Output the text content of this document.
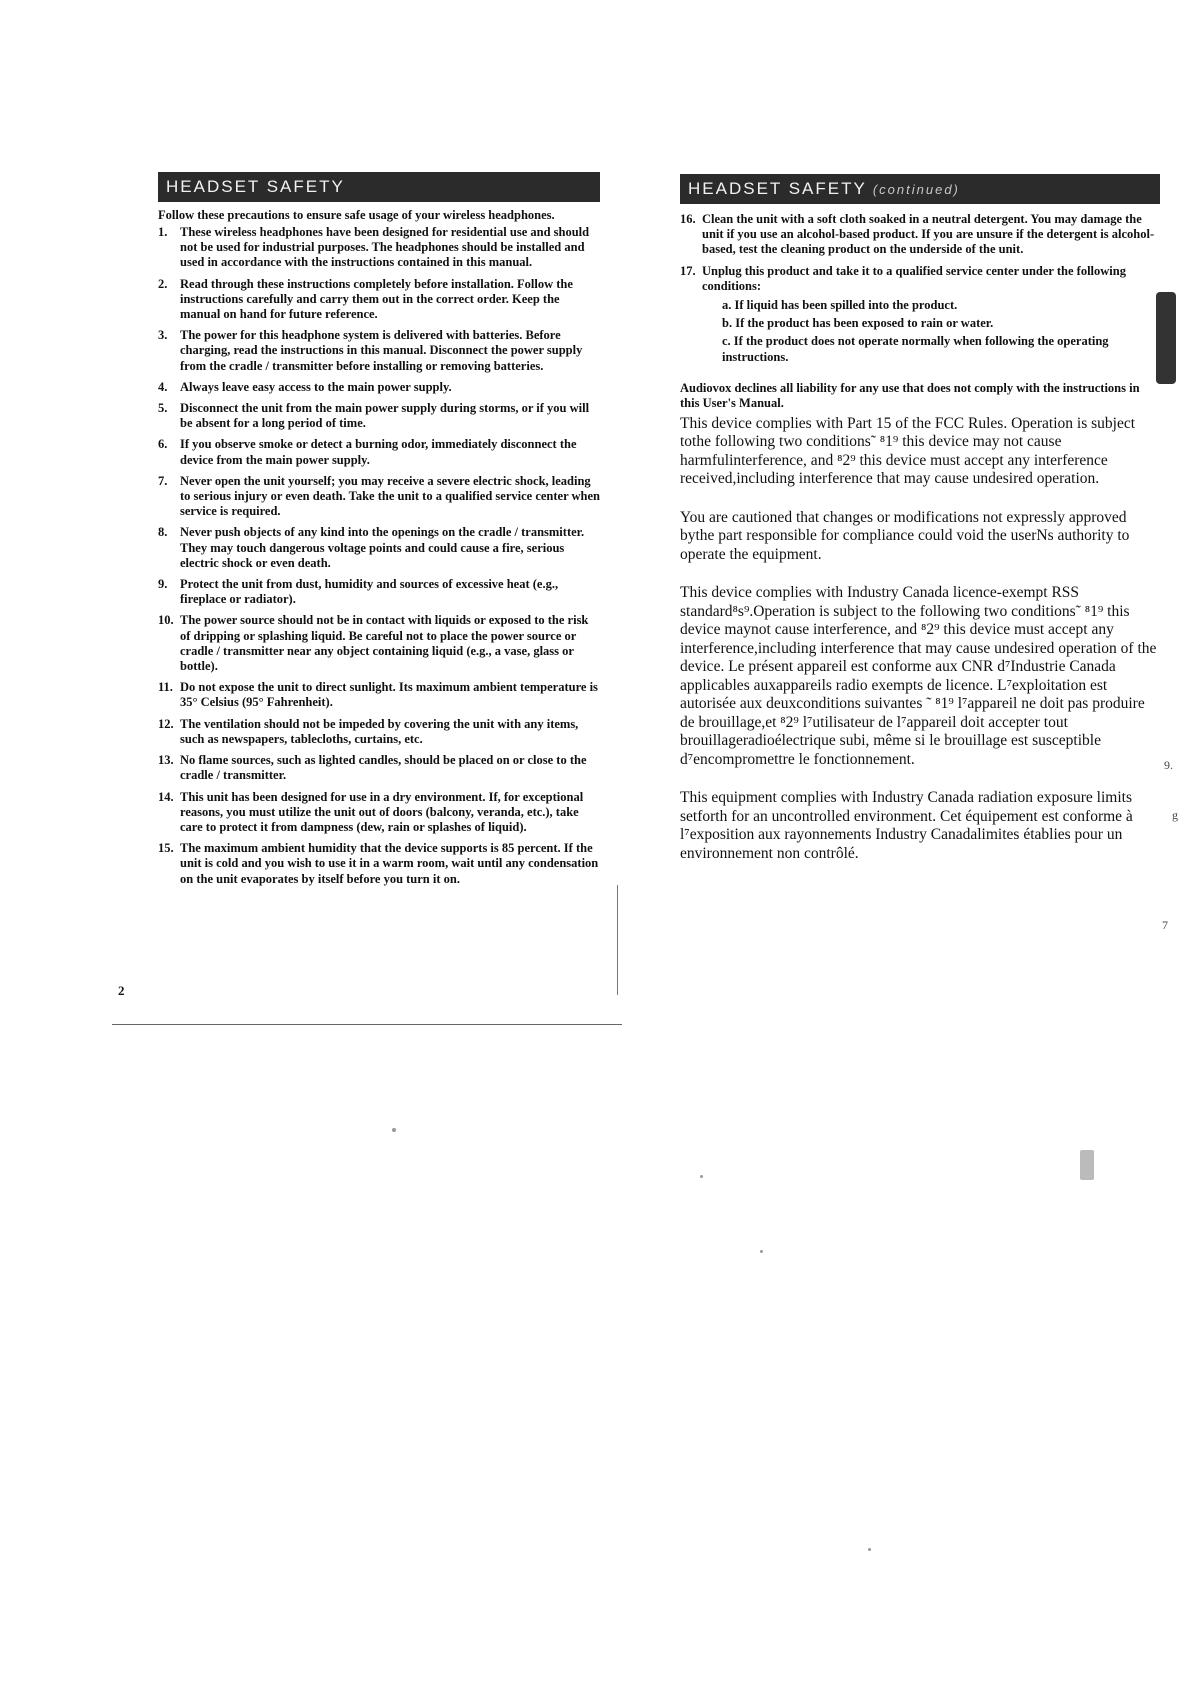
HEADSET SAFETY

Follow these precautions to ensure safe usage of your wireless headphones.

1. These wireless headphones have been designed for residential use and should not be used for industrial purposes. The headphones should be installed and used in accordance with the instructions contained in this manual.
2. Read through these instructions completely before installation. Follow the instructions carefully and carry them out in the correct order. Keep the manual on hand for future reference.
3. The power for this headphone system is delivered with batteries. Before charging, read the instructions in this manual. Disconnect the power supply from the cradle / transmitter before installing or removing batteries.
4. Always leave easy access to the main power supply.
5. Disconnect the unit from the main power supply during storms, or if you will be absent for a long period of time.
6. If you observe smoke or detect a burning odor, immediately disconnect the device from the main power supply.
7. Never open the unit yourself; you may receive a severe electric shock, leading to serious injury or even death. Take the unit to a qualified service center when service is required.
8. Never push objects of any kind into the openings on the cradle / transmitter. They may touch dangerous voltage points and could cause a fire, serious electric shock or even death.
9. Protect the unit from dust, humidity and sources of excessive heat (e.g., fireplace or radiator).
10. The power source should not be in contact with liquids or exposed to the risk of dripping or splashing liquid. Be careful not to place the power source or cradle / transmitter near any object containing liquid (e.g., a vase, glass or bottle).
11. Do not expose the unit to direct sunlight. Its maximum ambient temperature is 35° Celsius (95° Fahrenheit).
12. The ventilation should not be impeded by covering the unit with any items, such as newspapers, tablecloths, curtains, etc.
13. No flame sources, such as lighted candles, should be placed on or close to the cradle / transmitter.
14. This unit has been designed for use in a dry environment. If, for exceptional reasons, you must utilize the unit out of doors (balcony, veranda, etc.), take care to protect it from dampness (dew, rain or splashes of liquid).
15. The maximum ambient humidity that the device supports is 85 percent. If the unit is cold and you wish to use it in a warm room, wait until any condensation on the unit evaporates by itself before you turn it on.
2
HEADSET SAFETY (continued)
16. Clean the unit with a soft cloth soaked in a neutral detergent. You may damage the unit if you use an alcohol-based product. If you are unsure if the detergent is alcohol-based, test the cleaning product on the underside of the unit.
17. Unplug this product and take it to a qualified service center under the following conditions:
a. If liquid has been spilled into the product.
b. If the product has been exposed to rain or water.
c. If the product does not operate normally when following the operating instructions.

Audiovox declines all liability for any use that does not comply with the instructions in this User's Manual.

This device complies with Part 15 of the FCC Rules. Operation is subject tothe following two conditions˜ ⁸1⁹ this device may not cause harmfulinterference, and ⁸2⁹ this device must accept any interference received,including interference that may cause undesired operation.

You are cautioned that changes or modifications not expressly approved bythe part responsible for compliance could void the userNs authority to operate the equipment.

This device complies with Industry Canada licence-exempt RSS standard⁸s⁹.Operation is subject to the following two conditions˜ ⁸1⁹ this device maynot cause interference, and ⁸2⁹ this device must accept any interference,including interference that may cause undesired operation of the device. Le présent appareil est conforme aux CNR d⁷Industrie Canada applicables auxappareils radio exempts de licence. L⁷exploitation est autorisée aux deuxconditions suivantes ˜ ⁸1⁹ l⁷appareil ne doit pas produire de brouillage,et ⁸2⁹ l⁷utilisateur de l⁷appareil doit accepter tout brouillageradioélectrique subi, même si le brouillage est susceptible d⁷encompromettre le fonctionnement.

This equipment complies with Industry Canada radiation exposure limits setforth for an uncontrolled environment. Cet équipement est conforme à l⁷exposition aux rayonnements Industry Canadalimites établies pour un environnement non contrôlé.

9.
g
7
